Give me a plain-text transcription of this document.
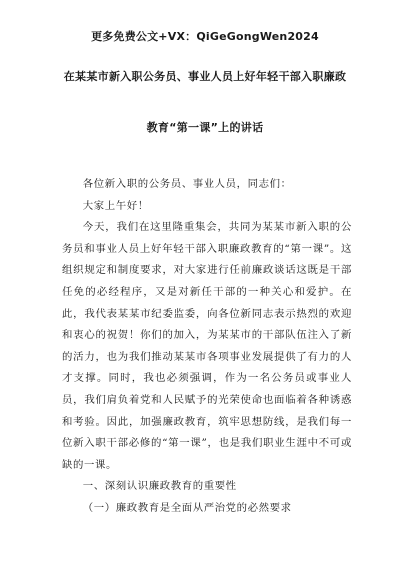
更多免费公文+VX：QiGeGongWen2024
在某某市新入职公务员、事业人员上好年轻干部入职廉政
教育“第一课”上的讲话

各位新入职的公务员、事业人员，同志们：

大家上午好！

今天，我们在这里隆重集会，共同为某某市新入职的公务员和事业人员上好年轻干部入职廉政教育的“第一课”。这组织规定和制度要求，对大家进行任前廉政谈话这既是干部任免的必经程序，又是对新任干部的一种关心和爱护。在此，我代表某某市纪委监委，向各位新同志表示热烈的欢迎和衷心的祝贺！你们的加入，为某某市的干部队伍注入了新的活力，也为我们推动某某市各项事业发展提供了有力的人才支撑。同时，我也必须强调，作为一名公务员或事业人员，我们肩负着党和人民赋予的光荣使命也面临着各种诱惑和考验。因此，加强廉政教育，筑牢思想防线，是我们每一位新入职干部必修的“第一课”，也是我们职业生涯中不可或缺的一课。

一、深刻认识廉政教育的重要性

（一）廉政教育是全面从严治党的必然要求
